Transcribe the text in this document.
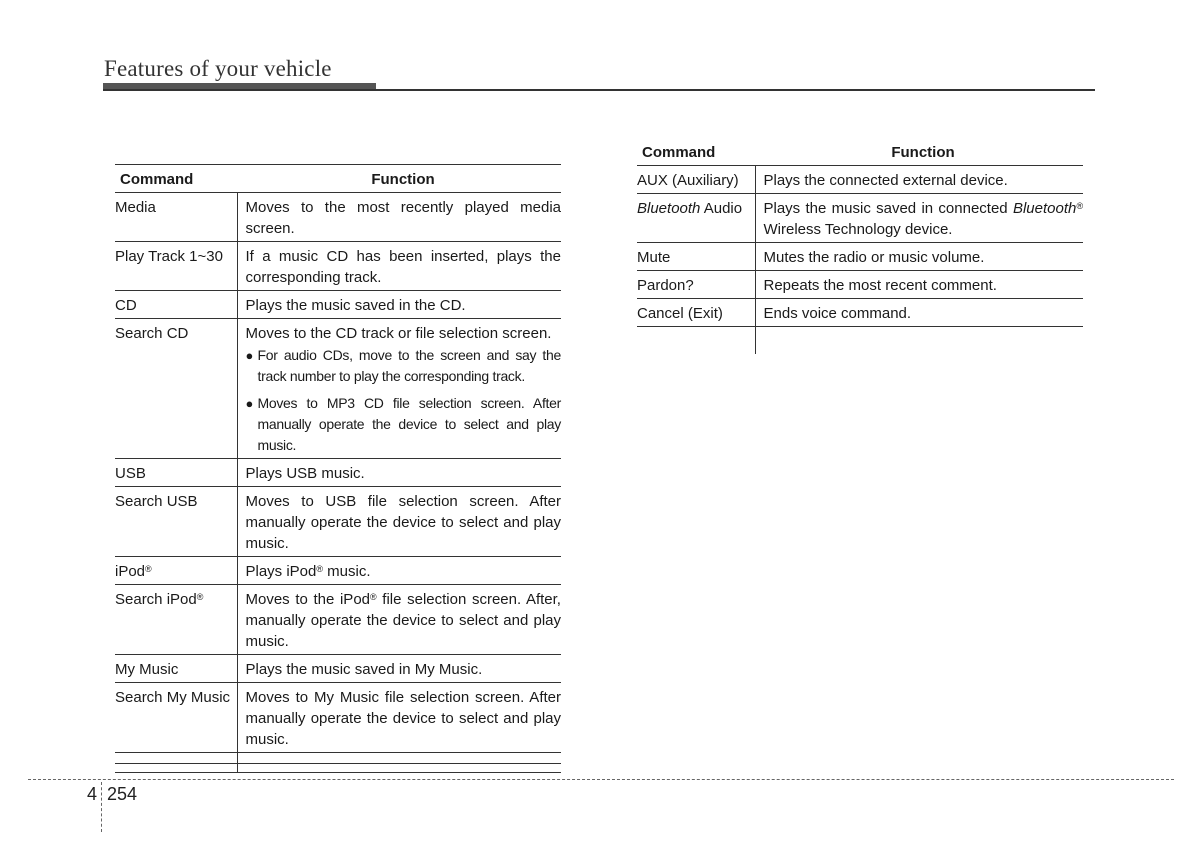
Features of your vehicle
Command	Function
Media	Moves to the most recently played media screen.
Play Track 1~30	If a music CD has been inserted, plays the corresponding track.
CD	Plays the music saved in the CD.
Search CD	Moves to the CD track or file selection screen.
● For audio CDs, move to the screen and say the track number to play the corresponding track.
● Moves to MP3 CD file selection screen. After manually operate the device to select and play music.

USB	Plays USB music.
Search USB	Moves to USB file selection screen. After manually operate the device to select and play music.
iPod®	Plays iPod® music.
Search iPod®	Moves to the iPod® file selection screen. After, manually operate the device to select and play music.
My Music	Plays the music saved in My Music.
Search My Music	Moves to My Music file selection screen. After manually operate the device to select and play music.

Command	Function
AUX (Auxiliary)	Plays the connected external device.
Bluetooth Audio	Plays the music saved in connected Bluetooth® Wireless Technology device.
Mute	Mutes the radio or music volume.
Pardon?	Repeats the most recent comment.
Cancel (Exit)	Ends voice command.

4 254
